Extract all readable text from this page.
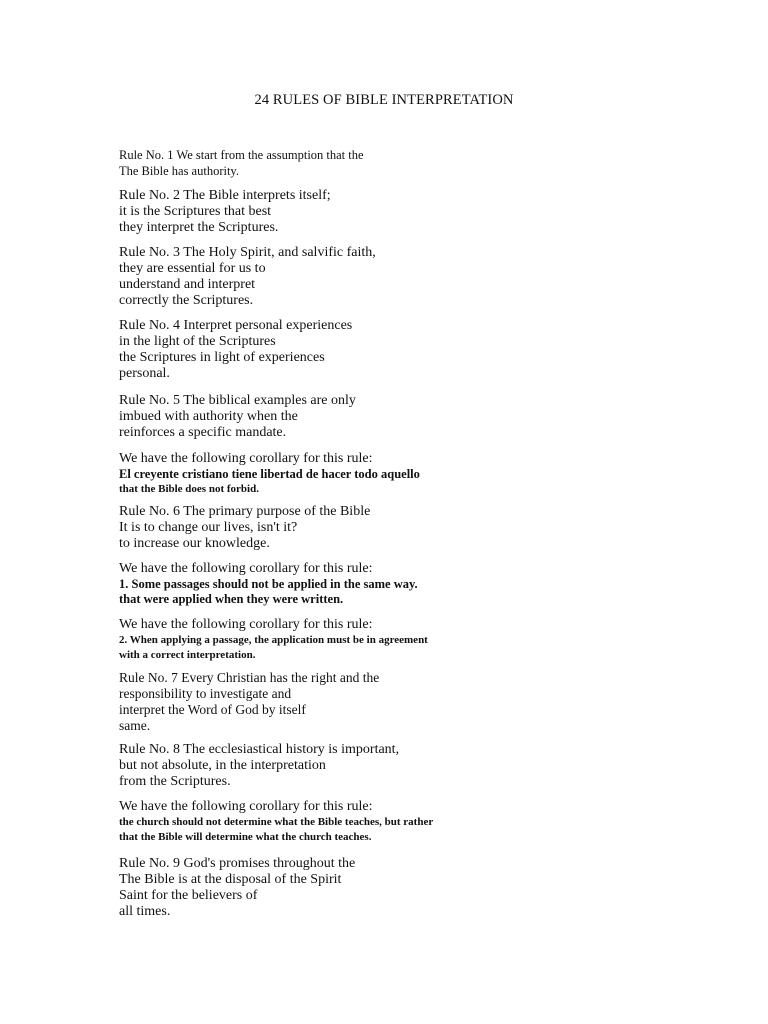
24 RULES OF BIBLE INTERPRETATION
Rule No. 1 We start from the assumption that the
The Bible has authority.
Rule No. 2 The Bible interprets itself;
it is the Scriptures that best
they interpret the Scriptures.
Rule No. 3 The Holy Spirit, and salvific faith,
they are essential for us to
understand and interpret
correctly the Scriptures.
Rule No. 4 Interpret personal experiences
in the light of the Scriptures
the Scriptures in light of experiences
personal.
Rule No. 5 The biblical examples are only
imbued with authority when the
reinforces a specific mandate.
We have the following corollary for this rule:
El creyente cristiano tiene libertad de hacer todo aquello
that the Bible does not forbid.
Rule No. 6 The primary purpose of the Bible
It is to change our lives, isn't it?
to increase our knowledge.
We have the following corollary for this rule:
1. Some passages should not be applied in the same way.
that were applied when they were written.
We have the following corollary for this rule:
2. When applying a passage, the application must be in agreement
with a correct interpretation.
Rule No. 7 Every Christian has the right and the
responsibility to investigate and
interpret the Word of God by itself
same.
Rule No. 8 The ecclesiastical history is important,
but not absolute, in the interpretation
from the Scriptures.
We have the following corollary for this rule:
the church should not determine what the Bible teaches, but rather
that the Bible will determine what the church teaches.
Rule No. 9 God's promises throughout the
The Bible is at the disposal of the Spirit
Saint for the believers of
all times.
